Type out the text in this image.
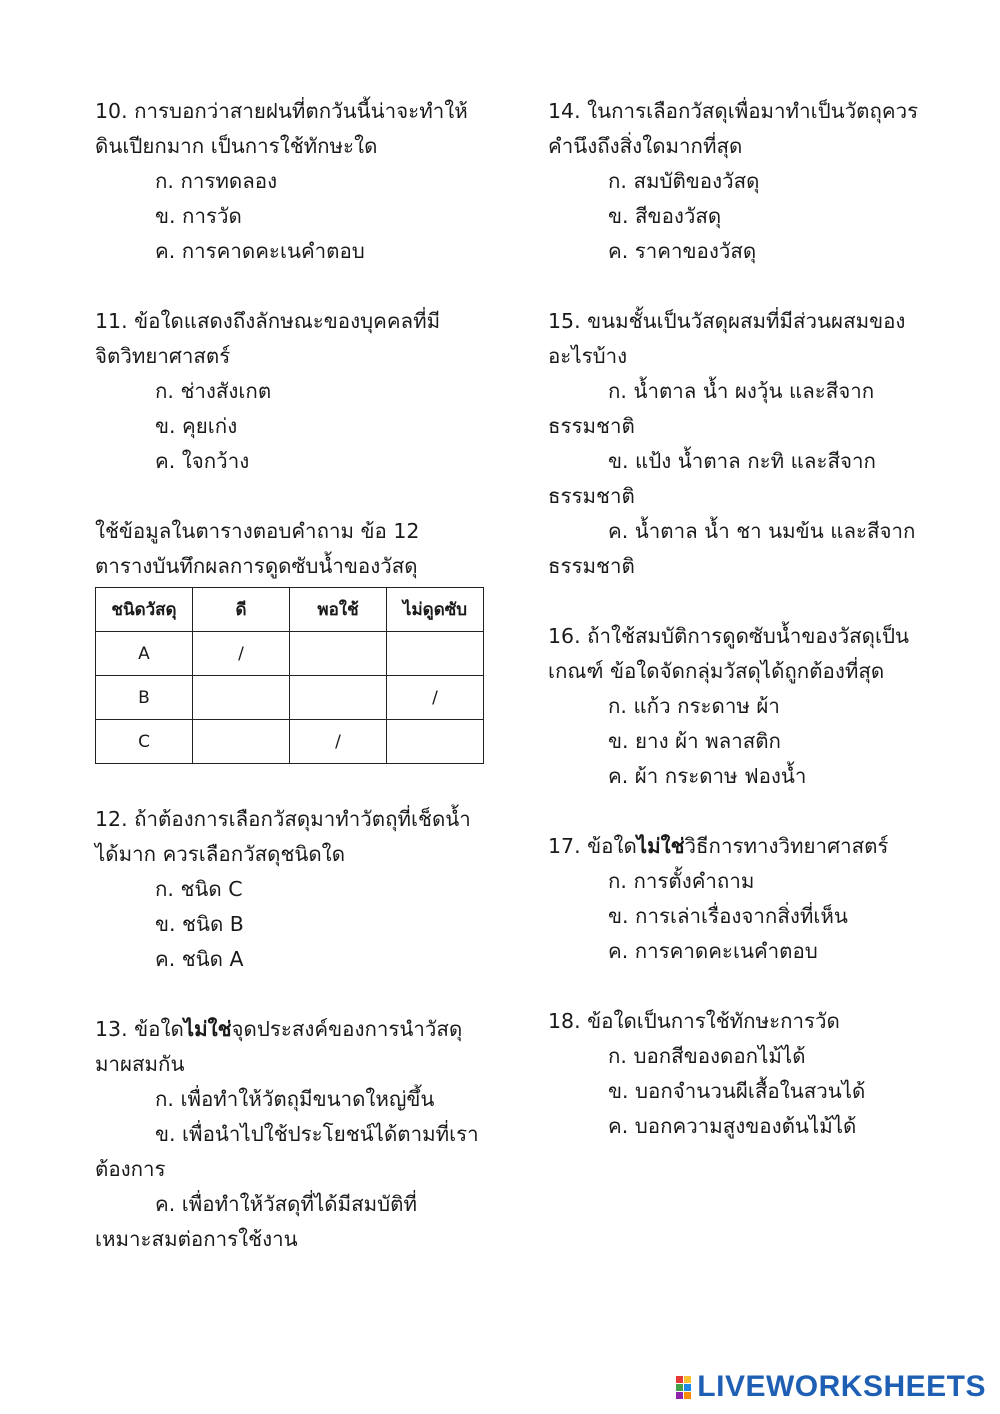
10. การบอกว่าสายฝนที่ตกวันนี้น่าจะทำให้
ดินเปียกมาก เป็นการใช้ทักษะใด
ก. การทดลอง
ข. การวัด
ค. การคาดคะเนคำตอบ
11. ข้อใดแสดงถึงลักษณะของบุคคลที่มี
จิตวิทยาศาสตร์
ก. ช่างสังเกต
ข. คุยเก่ง
ค. ใจกว้าง
ใช้ข้อมูลในตารางตอบคำถาม ข้อ 12
ตารางบันทึกผลการดูดซับน้ำของวัสดุ
ชนิดวัสดุ	ดี	พอใช้	ไม่ดูดซับ
A	/		
B			/
C		/	
12. ถ้าต้องการเลือกวัสดุมาทำวัตถุที่เช็ดน้ำ
ได้มาก ควรเลือกวัสดุชนิดใด
ก. ชนิด C
ข. ชนิด B
ค. ชนิด A
13. ข้อใดไม่ใช่จุดประสงค์ของการนำวัสดุ
มาผสมกัน
ก. เพื่อทำให้วัตถุมีขนาดใหญ่ขึ้น
ข. เพื่อนำไปใช้ประโยชน์ได้ตามที่เรา
ต้องการ
ค. เพื่อทำให้วัสดุที่ได้มีสมบัติที่
เหมาะสมต่อการใช้งาน
14. ในการเลือกวัสดุเพื่อมาทำเป็นวัตถุควร
คำนึงถึงสิ่งใดมากที่สุด
ก. สมบัติของวัสดุ
ข. สีของวัสดุ
ค. ราคาของวัสดุ
15. ขนมชั้นเป็นวัสดุผสมที่มีส่วนผสมของ
อะไรบ้าง
ก. น้ำตาล น้ำ ผงวุ้น และสีจาก
ธรรมชาติ
ข. แป้ง น้ำตาล กะทิ และสีจาก
ธรรมชาติ
ค. น้ำตาล น้ำ ชา นมข้น และสีจาก
ธรรมชาติ
16. ถ้าใช้สมบัติการดูดซับน้ำของวัสดุเป็น
เกณฑ์ ข้อใดจัดกลุ่มวัสดุได้ถูกต้องที่สุด
ก. แก้ว กระดาษ ผ้า
ข. ยาง ผ้า พลาสติก
ค. ผ้า กระดาษ ฟองน้ำ
17. ข้อใดไม่ใช่วิธีการทางวิทยาศาสตร์
ก. การตั้งคำถาม
ข. การเล่าเรื่องจากสิ่งที่เห็น
ค. การคาดคะเนคำตอบ
18. ข้อใดเป็นการใช้ทักษะการวัด
ก. บอกสีของดอกไม้ได้
ข. บอกจำนวนผีเสื้อในสวนได้
ค. บอกความสูงของต้นไม้ได้
LIVEWORKSHEETS
